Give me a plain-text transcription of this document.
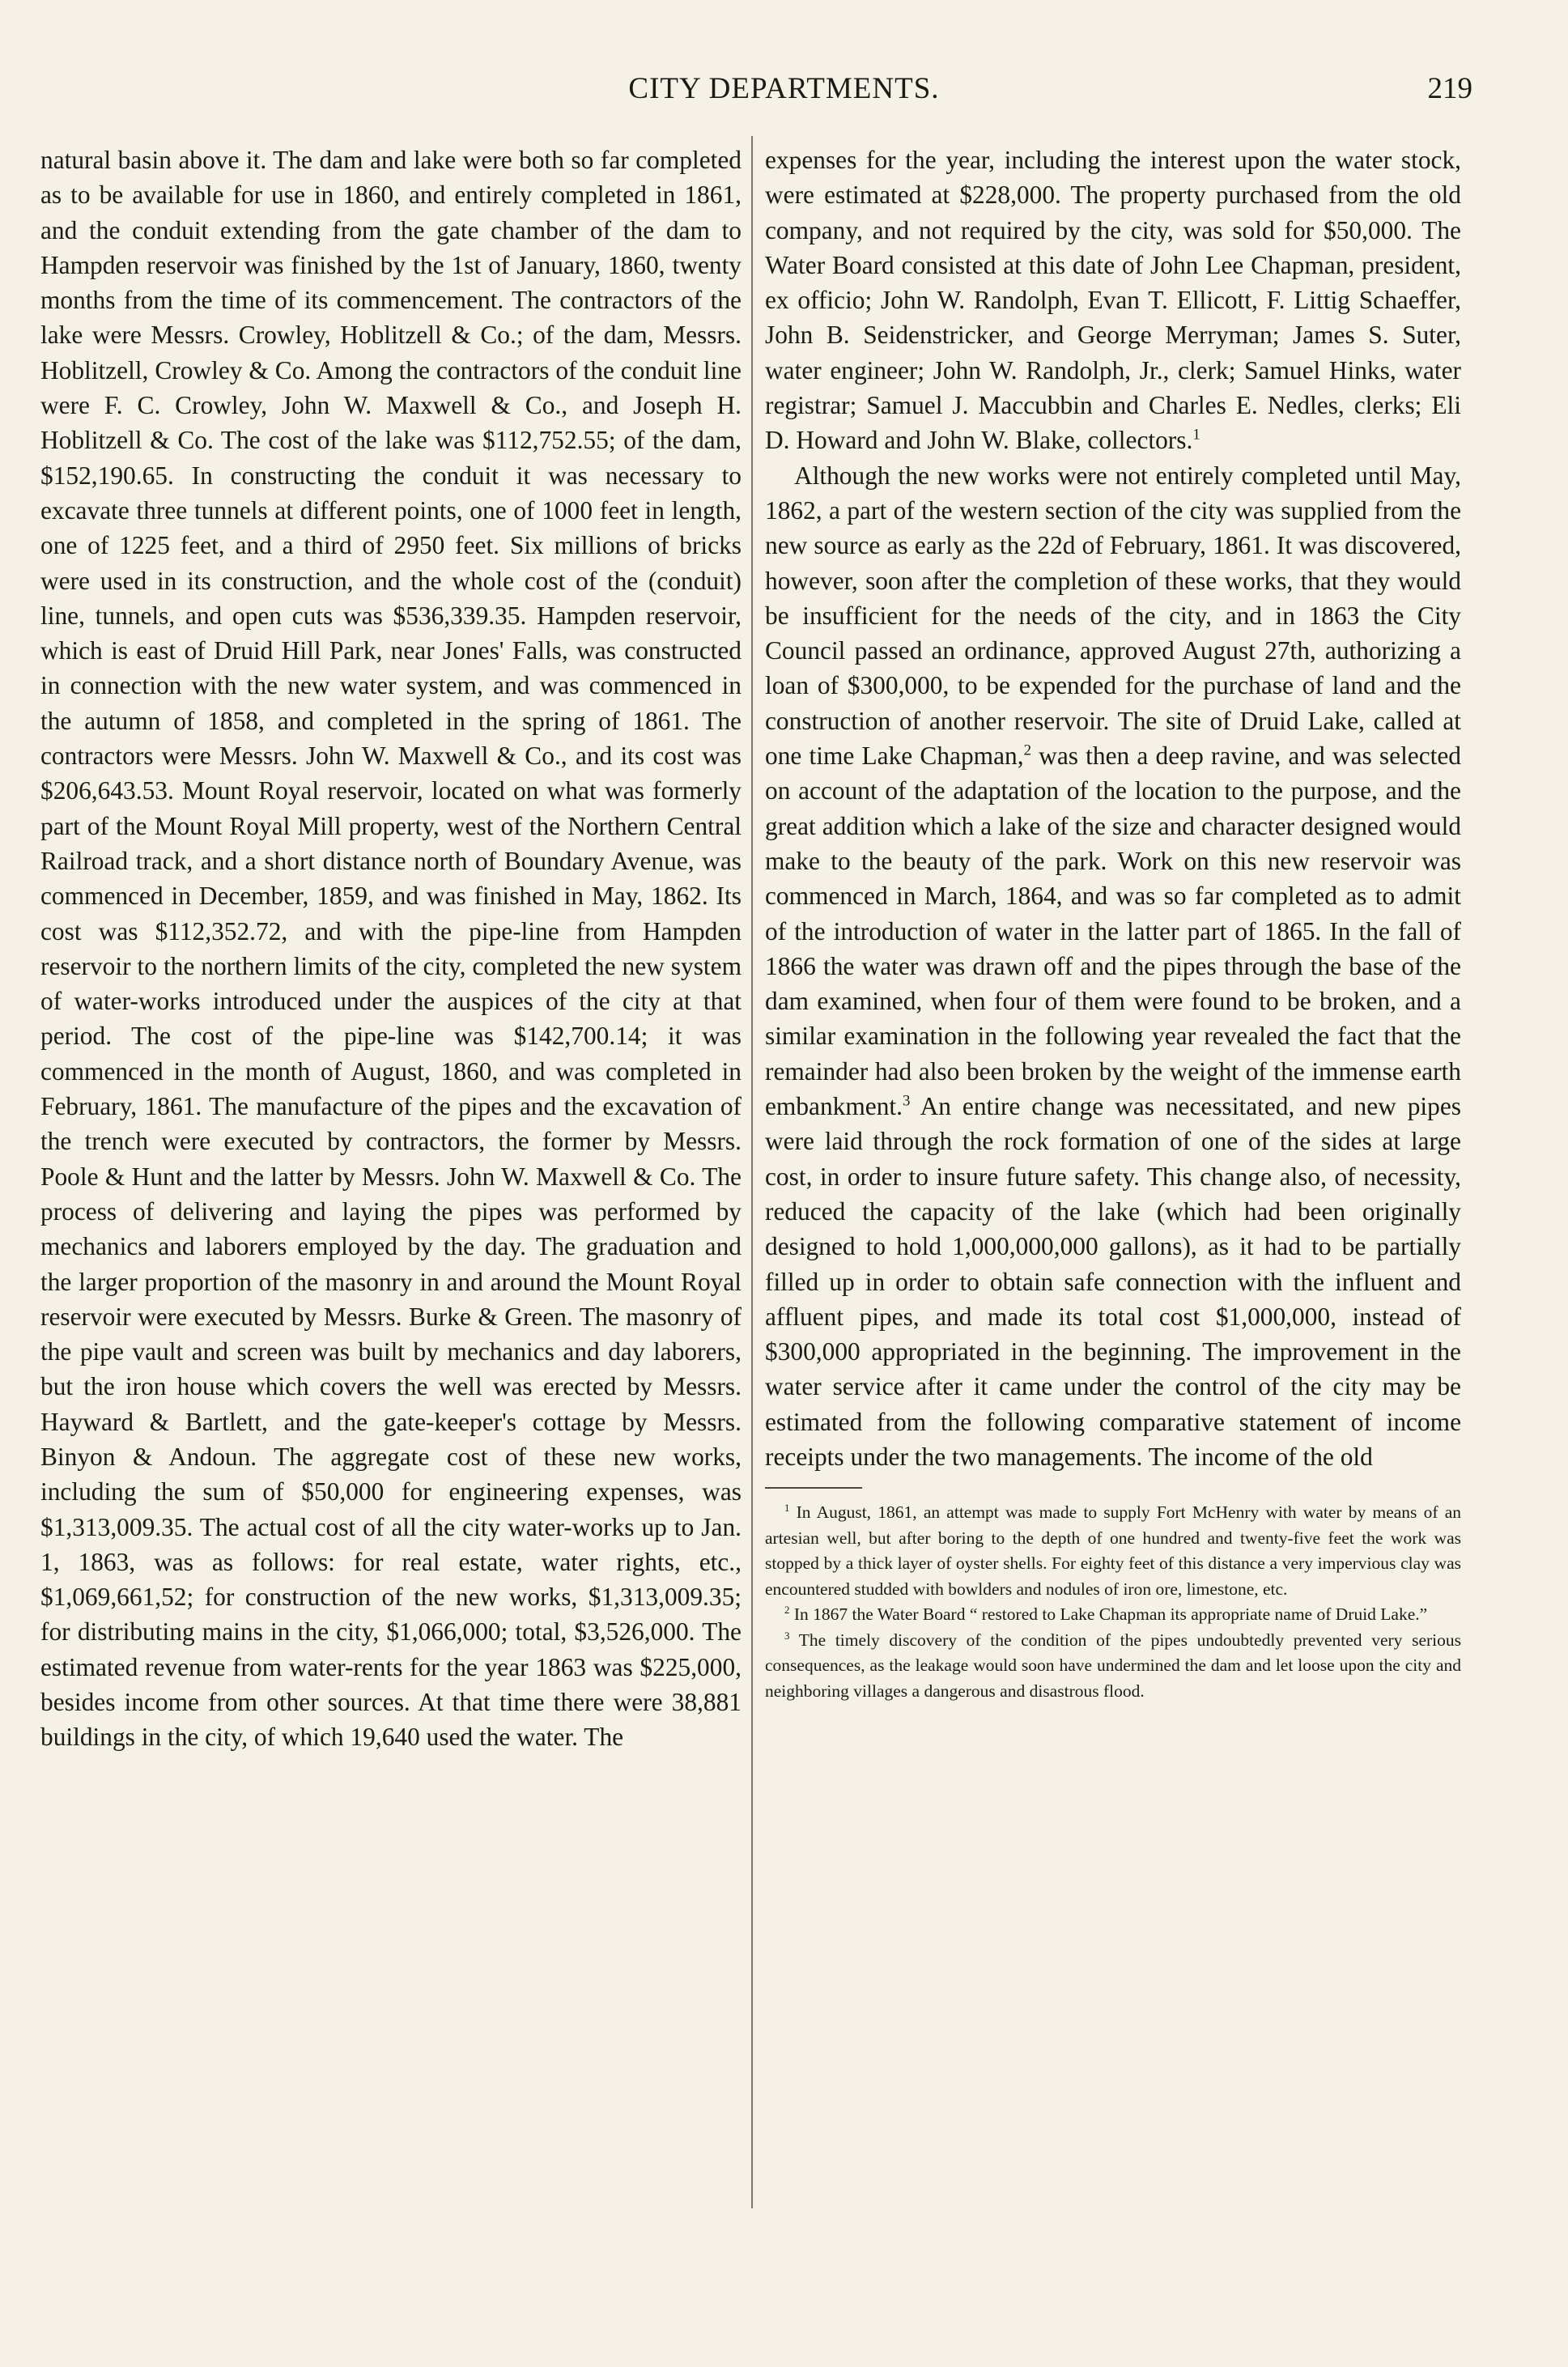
CITY DEPARTMENTS.	219

natural basin above it. The dam and lake were both so far completed as to be available for use in 1860, and entirely completed in 1861, and the conduit extending from the gate chamber of the dam to Hampden reservoir was finished by the 1st of January, 1860, twenty months from the time of its commencement. The contractors of the lake were Messrs. Crowley, Hoblitzell & Co.; of the dam, Messrs. Hoblitzell, Crowley & Co. Among the contractors of the conduit line were F. C. Crowley, John W. Maxwell & Co., and Joseph H. Hoblitzell & Co. The cost of the lake was $112,752.55; of the dam, $152,190.65. In constructing the conduit it was necessary to excavate three tunnels at different points, one of 1000 feet in length, one of 1225 feet, and a third of 2950 feet. Six millions of bricks were used in its construction, and the whole cost of the (conduit) line, tunnels, and open cuts was $536,339.35. Hampden reservoir, which is east of Druid Hill Park, near Jones' Falls, was constructed in connection with the new water system, and was commenced in the autumn of 1858, and completed in the spring of 1861. The contractors were Messrs. John W. Maxwell & Co., and its cost was $206,643.53. Mount Royal reservoir, located on what was formerly part of the Mount Royal Mill property, west of the Northern Central Railroad track, and a short distance north of Boundary Avenue, was commenced in December, 1859, and was finished in May, 1862. Its cost was $112,352.72, and with the pipe-line from Hampden reservoir to the northern limits of the city, completed the new system of water-works introduced under the auspices of the city at that period. The cost of the pipe-line was $142,700.14; it was commenced in the month of August, 1860, and was completed in February, 1861. The manufacture of the pipes and the excavation of the trench were executed by contractors, the former by Messrs. Poole & Hunt and the latter by Messrs. John W. Maxwell & Co. The process of delivering and laying the pipes was performed by mechanics and laborers employed by the day. The graduation and the larger proportion of the masonry in and around the Mount Royal reservoir were executed by Messrs. Burke & Green. The masonry of the pipe vault and screen was built by mechanics and day laborers, but the iron house which covers the well was erected by Messrs. Hayward & Bartlett, and the gate-keeper's cottage by Messrs. Binyon & Andoun. The aggregate cost of these new works, including the sum of $50,000 for engineering expenses, was $1,313,009.35. The actual cost of all the city water-works up to Jan. 1, 1863, was as follows: for real estate, water rights, etc., $1,069,661,52; for construction of the new works, $1,313,009.35; for distributing mains in the city, $1,066,000; total, $3,526,000. The estimated revenue from water-rents for the year 1863 was $225,000, besides income from other sources. At that time there were 38,881 buildings in the city, of which 19,640 used the water. The

expenses for the year, including the interest upon the water stock, were estimated at $228,000. The property purchased from the old company, and not required by the city, was sold for $50,000. The Water Board consisted at this date of John Lee Chapman, president, ex officio; John W. Randolph, Evan T. Ellicott, F. Littig Schaeffer, John B. Seidenstricker, and George Merryman; James S. Suter, water engineer; John W. Randolph, Jr., clerk; Samuel Hinks, water registrar; Samuel J. Maccubbin and Charles E. Nedles, clerks; Eli D. Howard and John W. Blake, collectors.$^1$

Although the new works were not entirely completed until May, 1862, a part of the western section of the city was supplied from the new source as early as the 22d of February, 1861. It was discovered, however, soon after the completion of these works, that they would be insufficient for the needs of the city, and in 1863 the City Council passed an ordinance, approved August 27th, authorizing a loan of $300,000, to be expended for the purchase of land and the construction of another reservoir. The site of Druid Lake, called at one time Lake Chapman,$^2$ was then a deep ravine, and was selected on account of the adaptation of the location to the purpose, and the great addition which a lake of the size and character designed would make to the beauty of the park. Work on this new reservoir was commenced in March, 1864, and was so far completed as to admit of the introduction of water in the latter part of 1865. In the fall of 1866 the water was drawn off and the pipes through the base of the dam examined, when four of them were found to be broken, and a similar examination in the following year revealed the fact that the remainder had also been broken by the weight of the immense earth embankment.$^3$ An entire change was necessitated, and new pipes were laid through the rock formation of one of the sides at large cost, in order to insure future safety. This change also, of necessity, reduced the capacity of the lake (which had been originally designed to hold 1,000,000,000 gallons), as it had to be partially filled up in order to obtain safe connection with the influent and affluent pipes, and made its total cost $1,000,000, instead of $300,000 appropriated in the beginning. The improvement in the water service after it came under the control of the city may be estimated from the following comparative statement of income receipts under the two managements. The income of the old

$^1$ In August, 1861, an attempt was made to supply Fort McHenry with water by means of an artesian well, but after boring to the depth of one hundred and twenty-five feet the work was stopped by a thick layer of oyster shells. For eighty feet of this distance a very impervious clay was encountered studded with bowlders and nodules of iron ore, limestone, etc.

$^2$ In 1867 the Water Board “ restored to Lake Chapman its appropriate name of Druid Lake.”

$^3$ The timely discovery of the condition of the pipes undoubtedly prevented very serious consequences, as the leakage would soon have undermined the dam and let loose upon the city and neighboring villages a dangerous and disastrous flood.
